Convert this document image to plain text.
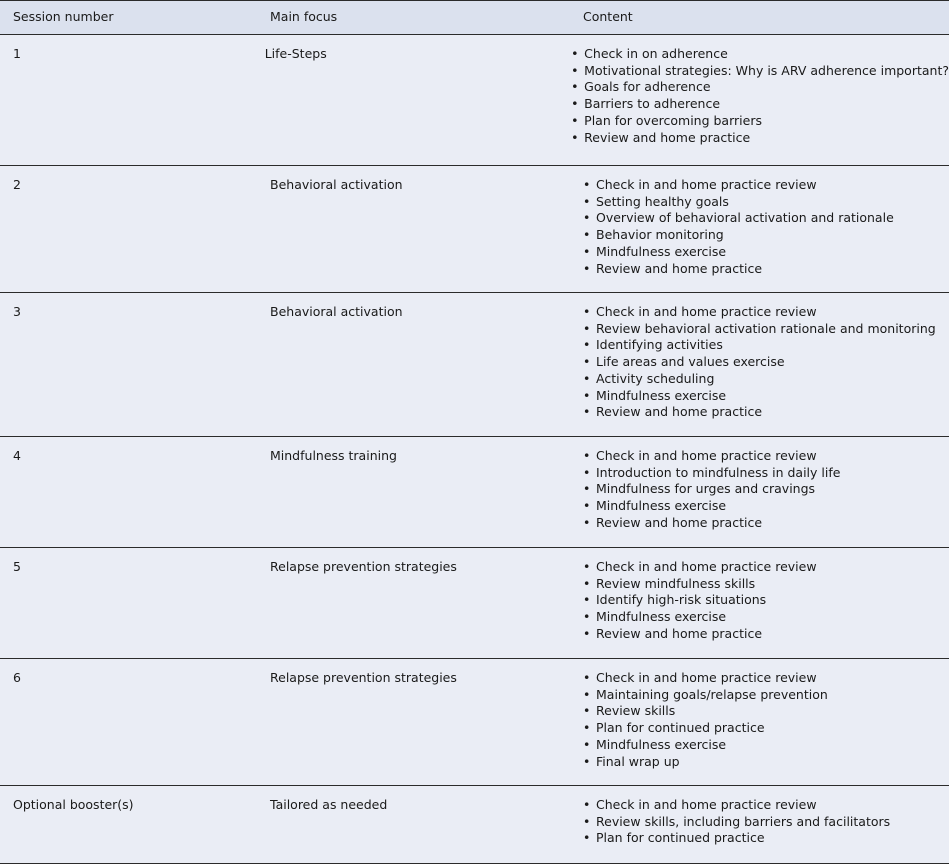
Session number	Main focus	Content
1	Life-Steps	• Check in on adherence
• Motivational strategies: Why is ARV adherence important?
• Goals for adherence
• Barriers to adherence
• Plan for overcoming barriers
• Review and home practice
2	Behavioral activation	• Check in and home practice review
• Setting healthy goals
• Overview of behavioral activation and rationale
• Behavior monitoring
• Mindfulness exercise
• Review and home practice
3	Behavioral activation	• Check in and home practice review
• Review behavioral activation rationale and monitoring
• Identifying activities
• Life areas and values exercise
• Activity scheduling
• Mindfulness exercise
• Review and home practice
4	Mindfulness training	• Check in and home practice review
• Introduction to mindfulness in daily life
• Mindfulness for urges and cravings
• Mindfulness exercise
• Review and home practice
5	Relapse prevention strategies	• Check in and home practice review
• Review mindfulness skills
• Identify high-risk situations
• Mindfulness exercise
• Review and home practice
6	Relapse prevention strategies	• Check in and home practice review
• Maintaining goals/relapse prevention
• Review skills
• Plan for continued practice
• Mindfulness exercise
• Final wrap up
Optional booster(s)	Tailored as needed	• Check in and home practice review
• Review skills, including barriers and facilitators
• Plan for continued practice
